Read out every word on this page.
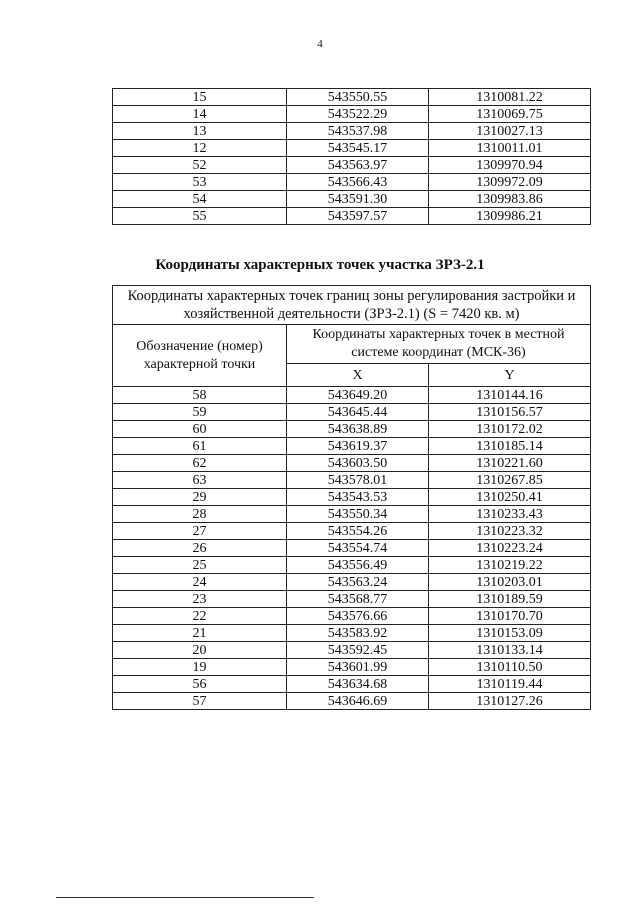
4
15	543550.55	1310081.22
14	543522.29	1310069.75
13	543537.98	1310027.13
12	543545.17	1310011.01
52	543563.97	1309970.94
53	543566.43	1309972.09
54	543591.30	1309983.86
55	543597.57	1309986.21
Координаты характерных точек участка ЗРЗ-2.1
Координаты характерных точек границ зоны регулирования застройки и хозяйственной деятельности (ЗРЗ-2.1) (S = 7420 кв. м)		
Обозначение (номер) характерной точки	Координаты характерных точек в местной системе координат (МСК-36)	
	X	Y
58	543649.20	1310144.16
59	543645.44	1310156.57
60	543638.89	1310172.02
61	543619.37	1310185.14
62	543603.50	1310221.60
63	543578.01	1310267.85
29	543543.53	1310250.41
28	543550.34	1310233.43
27	543554.26	1310223.32
26	543554.74	1310223.24
25	543556.49	1310219.22
24	543563.24	1310203.01
23	543568.77	1310189.59
22	543576.66	1310170.70
21	543583.92	1310153.09
20	543592.45	1310133.14
19	543601.99	1310110.50
56	543634.68	1310119.44
57	543646.69	1310127.26
